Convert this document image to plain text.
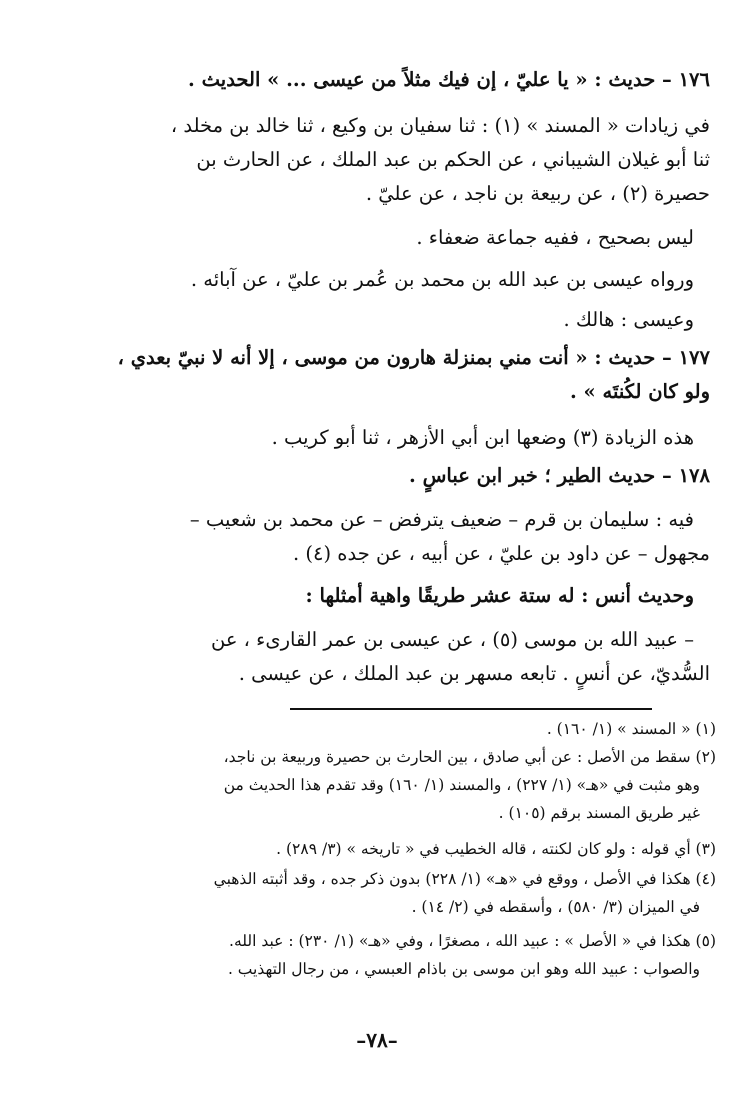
١٧٦ – حديث : « يا عليّ ، إن فيك مثلاً من عيسى ... » الحديث .
في زيادات « المسند » (١) : ثنا سفيان بن وكيع ، ثنا خالد بن مخلد ،
ثنا أبو غيلان الشيباني ، عن الحكم بن عبد الملك ، عن الحارث بن
حصيرة (٢) ، عن ربيعة بن ناجد ، عن عليّ .
ليس بصحيح ، ففيه جماعة ضعفاء .
ورواه عيسى بن عبد الله بن محمد بن عُمر بن عليّ ، عن آبائه .
وعيسى : هالك .
١٧٧ – حديث : « أنت مني بمنزلة هارون من موسى ، إلا أنه لا نبيّ بعدي ،
ولو كان لكُنتَه » .
هذه الزيادة (٣) وضعها ابن أبي الأزهر ، ثنا أبو كريب .
١٧٨ – حديث الطير ؛ خبر ابن عباسٍ .
فيه : سليمان بن قرم – ضعيف يترفض – عن محمد بن شعيب –
مجهول – عن داود بن عليّ ، عن أبيه ، عن جده (٤) .
وحديث أنس : له ستة عشر طريقًا واهية أمثلها :
– عبيد الله بن موسى (٥) ، عن عيسى بن عمر القارىء ، عن
السُّديّ، عن أنسٍ . تابعه مسهر بن عبد الملك ، عن عيسى .
(١) « المسند » (١/ ١٦٠) .
(٢) سقط من الأصل : عن أبي صادق ، بين الحارث بن حصيرة وربيعة بن ناجد،
وهو مثبت في «هـ» (١/ ٢٢٧) ، والمسند (١/ ١٦٠) وقد تقدم هذا الحديث من
غير طريق المسند برقم (١٠٥) .
(٣) أي قوله : ولو كان لكنته ، قاله الخطيب في « تاريخه » (٣/ ٢٨٩) .
(٤) هكذا في الأصل ، ووقع في «هـ» (١/ ٢٢٨) بدون ذكر جده ، وقد أثبته الذهبي
في الميزان (٣/ ٥٨٠) ، وأسقطه في (٢/ ١٤) .
(٥) هكذا في « الأصل » : عبيد الله ، مصغرًا ، وفي «هـ» (١/ ٢٣٠) : عبد الله.
والصواب : عبيد الله وهو ابن موسى بن باذام العبسي ، من رجال التهذيب .
–٧٨–
